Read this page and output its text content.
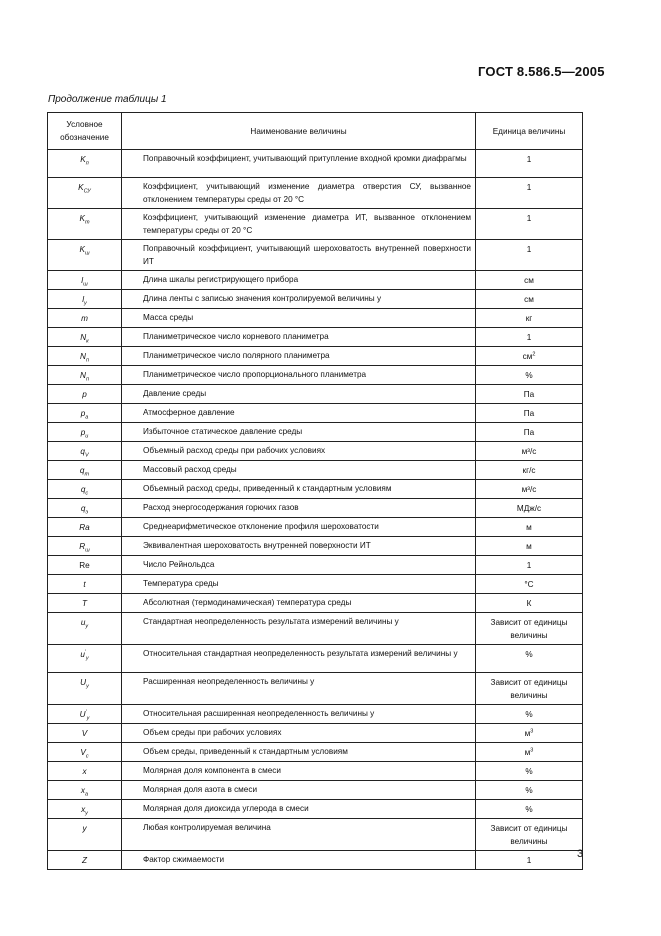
ГОСТ 8.586.5—2005
Продолжение таблицы 1
Условное обозначение	Наименование величины	Единица величины
$K_п$	Поправочный коэффициент, учитывающий притупление входной кромки диафрагмы	1
$K_{СУ}$	Коэффициент, учитывающий изменение диаметра отверстия СУ, вызванное отклонением температуры среды от 20 °С	1
$K_т$	Коэффициент, учитывающий изменение диаметра ИТ, вызванное отклонением температуры среды от 20 °С	1
$K_ш$	Поправочный коэффициент, учитывающий шероховатость внутренней поверхности ИТ	1
$l_ш$	Длина шкалы регистрирующего прибора	см
$l_у$	Длина ленты с записью значения контролируемой величины у	см
m	Масса среды	кг
$N_к$	Планиметрическое число корневого планиметра	1
$N_п$	Планиметрическое число полярного планиметра	$см^2$
$N_п$	Планиметрическое число пропорционального планиметра	%
p	Давление среды	Па
$p_а$	Атмосферное давление	Па
$p_и$	Избыточное статическое давление среды	Па
$q_V$	Объемный расход среды при рабочих условиях	м³/с
$q_m$	Массовый расход среды	кг/с
$q_с$	Объемный расход среды, приведенный к стандартным условиям	м³/с
$q_э$	Расход энергосодержания горючих газов	МДж/с
Ra	Среднеарифметическое отклонение профиля шероховатости	м
$R_ш$	Эквивалентная шероховатость внутренней поверхности ИТ	м
Re	Число Рейнольдса	1
t	Температура среды	°С
T	Абсолютная (термодинамическая) температура среды	К
$u_у$	Стандартная неопределенность результата измерений величины у	Зависит от единицы величины
$u'_у$	Относительная стандартная неопределенность результата измерений величины у	%
$U_у$	Расширенная неопределенность величины у	Зависит от единицы величины
$U'_у$	Относительная расширенная неопределенность величины у	%
V	Объем среды при рабочих условиях	$м^3$
$V_с$	Объем среды, приведенный к стандартным условиям	$м^3$
x	Молярная доля компонента в смеси	%
$x_а$	Молярная доля азота в смеси	%
$x_у$	Молярная доля диоксида углерода в смеси	%
y	Любая контролируемая величина	Зависит от единицы величины
Z	Фактор сжимаемости	1
3
